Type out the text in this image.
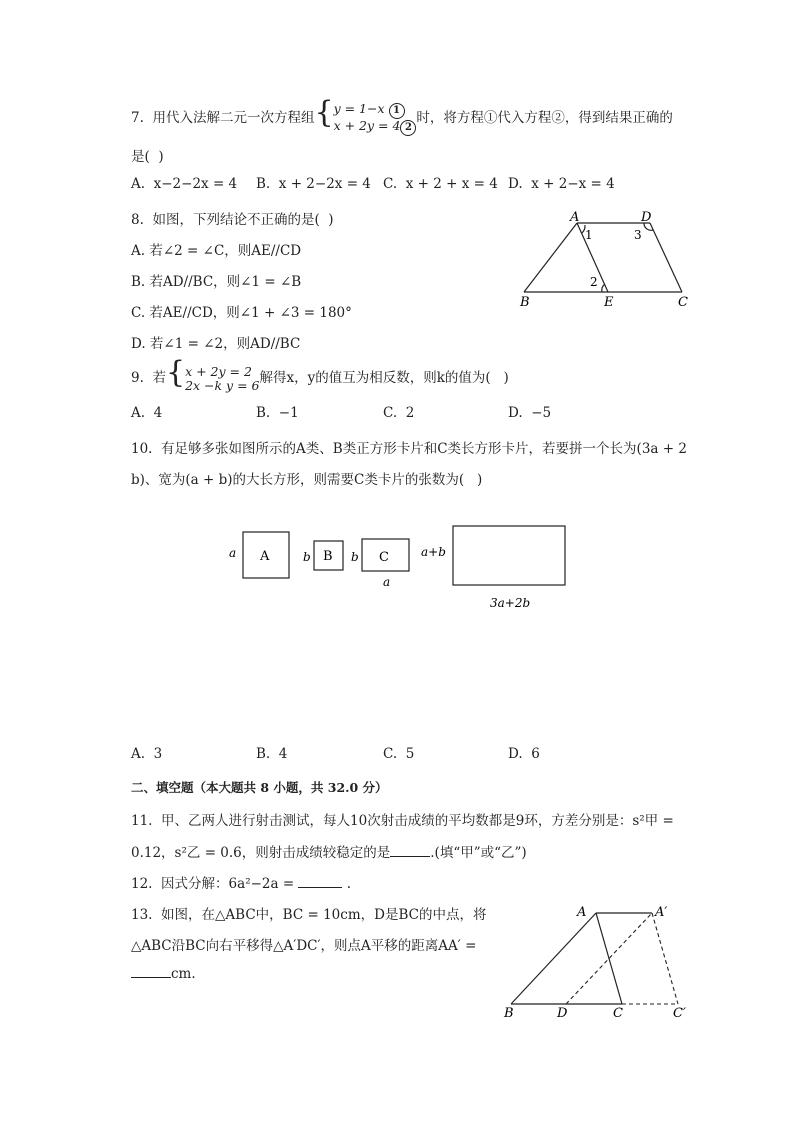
7.  用代入法解二元一次方程组{y = 1−x 1
x + 2y = 4 2时，将方程①代入方程②，得到结果正确的
是(  )
A.  x−2−2x = 4 B.  x + 2−2x = 4 C.  x + 2 + x = 4 D.  x + 2−x = 4
8.  如图，下列结论不正确的是(  )
A. 若∠2 = ∠C，则AE//CD
B. 若AD//BC，则∠1 = ∠B
C. 若AE//CD，则∠1 + ∠3 = 180°
D. 若∠1 = ∠2，则AD//BC
A	D
B	E	C
1
2
3
9.  若{x + 2y = 2
2x −k y = 6解得x，y的值互为相反数，则k的值为(   )
A.  4	B.  −1	C.  2	D.  −5
10.  有足够多张如图所示的A类、B类正方形卡片和C类长方形卡片，若要拼一个长为(3a + 2
b)、宽为(a + b)的大长方形，则需要C类卡片的张数为(   )
a A	b B b C
a
a+b
3a+2b
A.  3	B.  4	C.  5	D.  6
二、填空题（本大题共 8 小题，共 32.0 分）
11.  甲、乙两人进行射击测试，每人10次射击成绩的平均数都是9环，方差分别是：s²甲 =
0.12，s²乙 = 0.6，则射击成绩较稳定的是	.(填“甲”或“乙”)
12.  因式分解：6a²−2a =	.
13.  如图，在△ABC中，BC = 10cm，D是BC的中点，将
△ABC沿BC向右平移得△A′DC′，则点A平移的距离AA′ =
cm.
A	A′
B	D	C	C′
